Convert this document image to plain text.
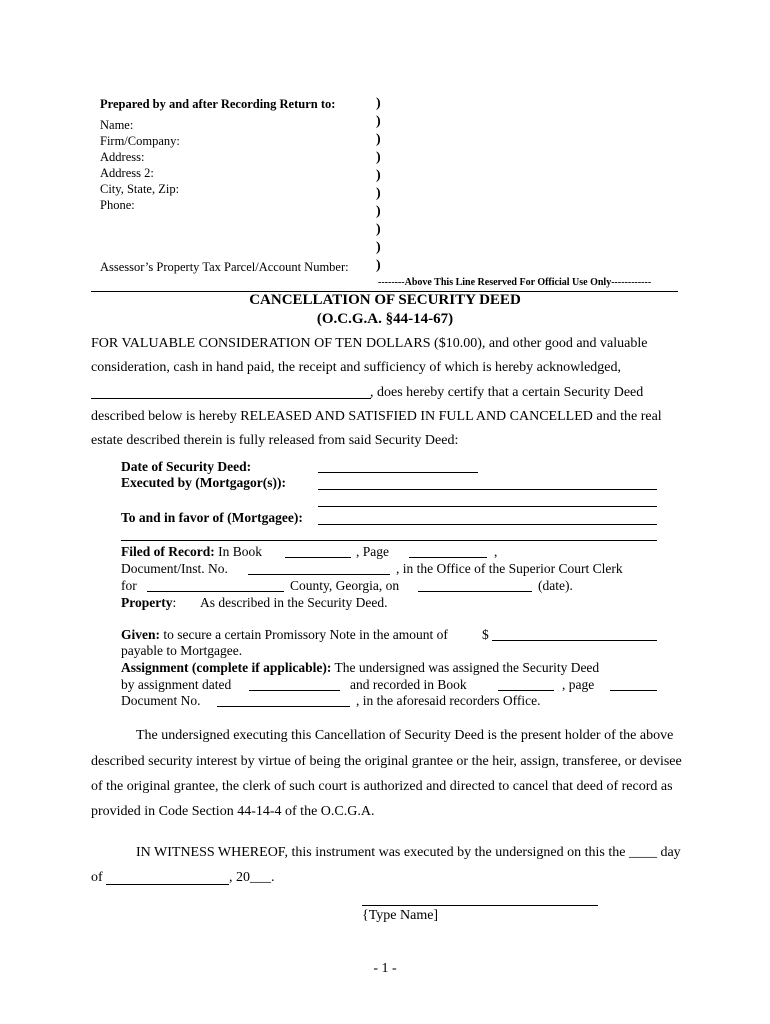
Prepared by and after Recording Return to:
Name:
Firm/Company:
Address:
Address 2:
City, State, Zip:
Phone:
Assessor’s Property Tax Parcel/Account Number:
)
)
)
)
)
)
)
)
)
)
--------Above This Line Reserved For Official Use Only------------
CANCELLATION OF SECURITY DEED
(O.C.G.A. §44-14-67)
FOR VALUABLE CONSIDERATION OF TEN DOLLARS ($10.00), and other good and valuable
consideration, cash in hand paid, the receipt and sufficiency of which is hereby acknowledged,
, does hereby certify that a certain Security Deed
described below is hereby RELEASED AND SATISFIED IN FULL AND CANCELLED and the real
estate described therein is fully released from said Security Deed:
Date of Security Deed:
Executed by (Mortgagor(s)):
To and in favor of (Mortgagee):
Filed of Record: In Book	, Page	,
Document/Inst. No.	, in the Office of the Superior Court Clerk
for	County, Georgia, on	(date).
Property: As described in the Security Deed.
Given: to secure a certain Promissory Note in the amount of	$
payable to Mortgagee.
Assignment (complete if applicable): The undersigned was assigned the Security Deed
by assignment dated	and recorded in Book	, page
Document No.	, in the aforesaid recorders Office.
The undersigned executing this Cancellation of Security Deed is the present holder of the above
described security interest by virtue of being the original grantee or the heir, assign, transferee, or devisee
of the original grantee, the clerk of such court is authorized and directed to cancel that deed of record as
provided in Code Section 44-14-4 of the O.C.G.A.
IN WITNESS WHEREOF, this instrument was executed by the undersigned on this the ____ day
of	, 20___.
{Type Name]
- 1 -
